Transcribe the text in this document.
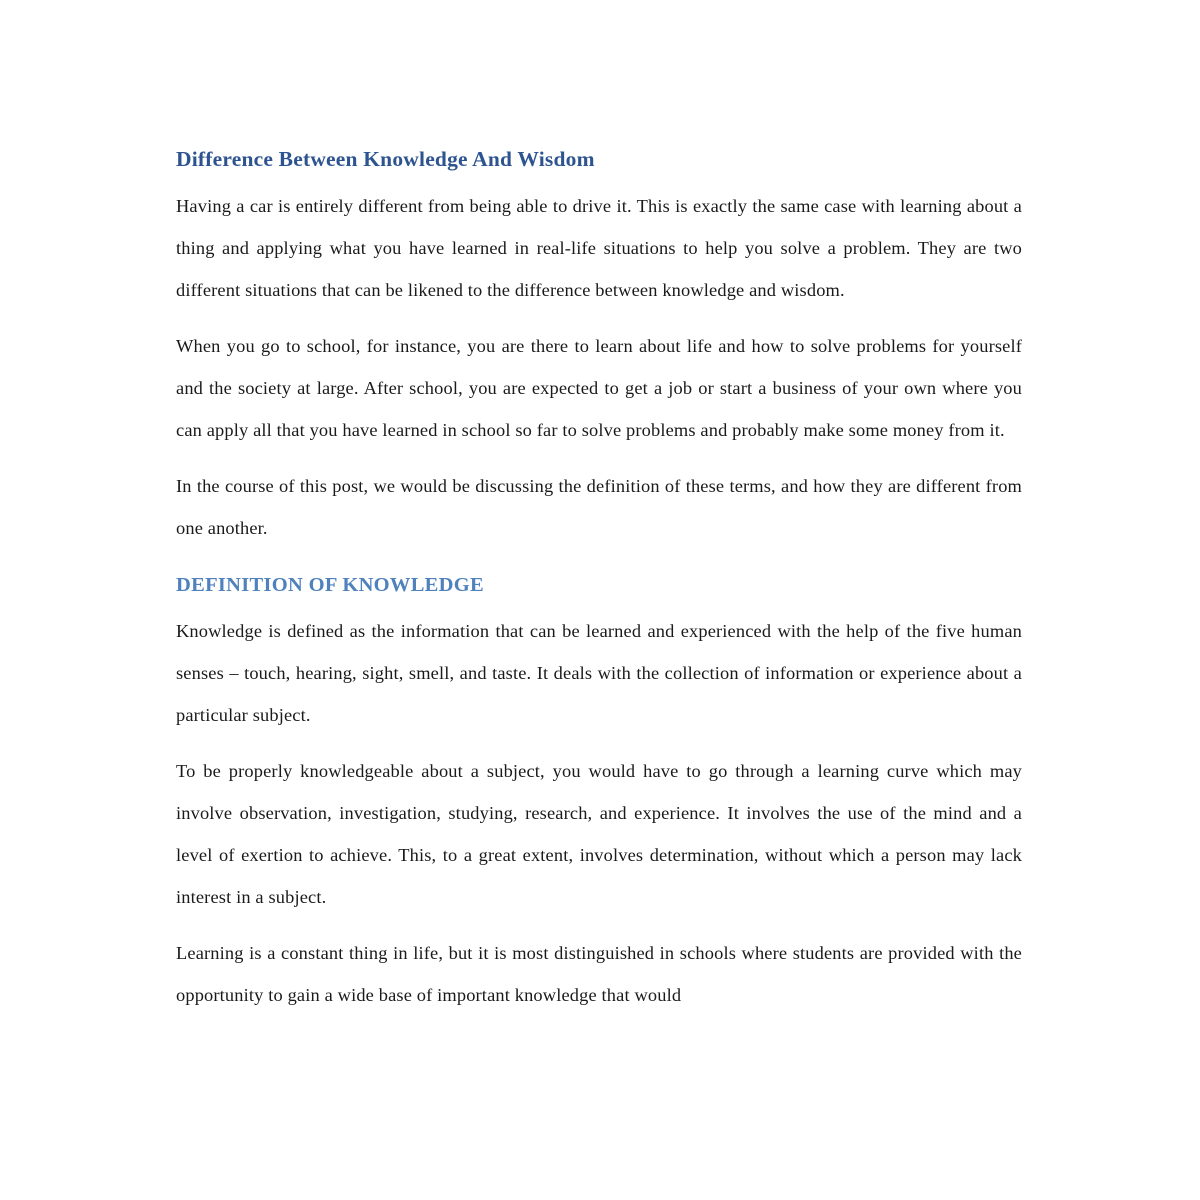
Difference Between Knowledge And Wisdom

Having a car is entirely different from being able to drive it. This is exactly the same case with learning about a thing and applying what you have learned in real-life situations to help you solve a problem. They are two different situations that can be likened to the difference between knowledge and wisdom.

When you go to school, for instance, you are there to learn about life and how to solve problems for yourself and the society at large. After school, you are expected to get a job or start a business of your own where you can apply all that you have learned in school so far to solve problems and probably make some money from it.

In the course of this post, we would be discussing the definition of these terms, and how they are different from one another.

DEFINITION OF KNOWLEDGE

Knowledge is defined as the information that can be learned and experienced with the help of the five human senses – touch, hearing, sight, smell, and taste. It deals with the collection of information or experience about a particular subject.

To be properly knowledgeable about a subject, you would have to go through a learning curve which may involve observation, investigation, studying, research, and experience. It involves the use of the mind and a level of exertion to achieve. This, to a great extent, involves determination, without which a person may lack interest in a subject.

Learning is a constant thing in life, but it is most distinguished in schools where students are provided with the opportunity to gain a wide base of important knowledge that would
